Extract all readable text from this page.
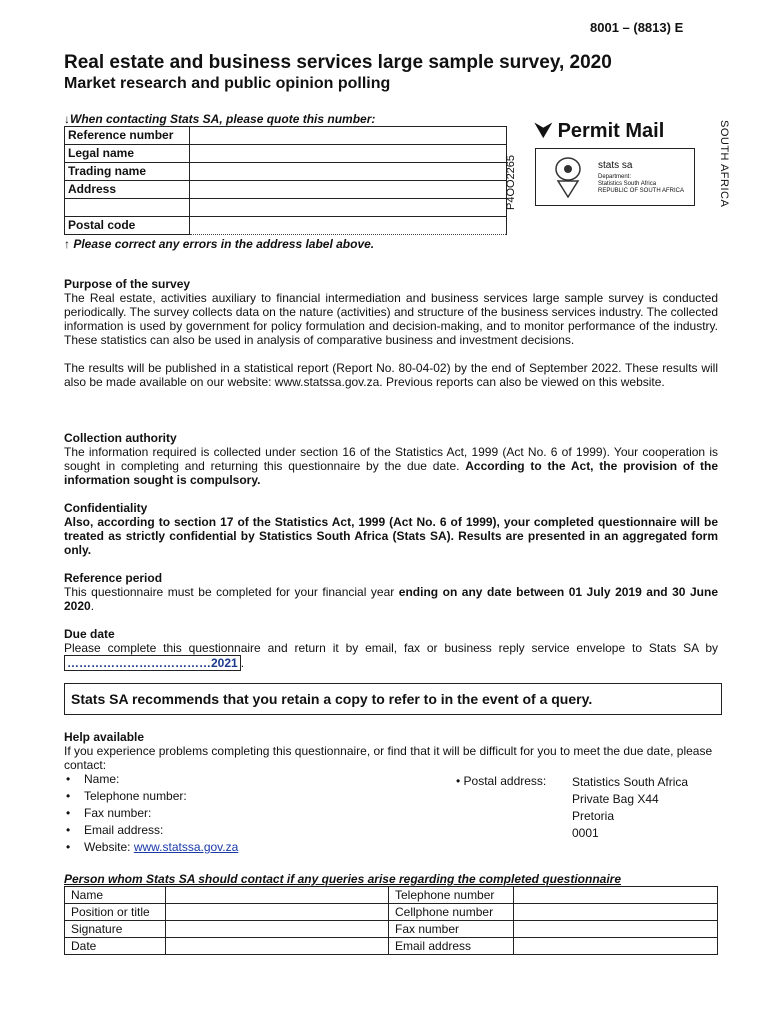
8001 – (8813) E
Real estate and business services large sample survey, 2020
Market research and public opinion polling
↓When contacting Stats SA, please quote this number:
Reference number	
Legal name	
Trading name	
Address	

Postal code	
↑ Please correct any errors in the address label above.
P4OO2265
⮟ Permit Mail
stats sa
Department:
Statistics South Africa
REPUBLIC OF SOUTH AFRICA	SOUTH AFRICA
Purpose of the survey
The Real estate, activities auxiliary to financial intermediation and business services large sample survey is conducted periodically. The survey collects data on the nature (activities) and structure of the business services industry. The collected information is used by government for policy formulation and decision-making, and to monitor performance of the industry. These statistics can also be used in analysis of comparative business and investment decisions.
The results will be published in a statistical report (Report No. 80-04-02) by the end of September 2022. These results will also be made available on our website: www.statssa.gov.za. Previous reports can also be viewed on this website.
Collection authority
The information required is collected under section 16 of the Statistics Act, 1999 (Act No. 6 of 1999). Your cooperation is sought in completing and returning this questionnaire by the due date. According to the Act, the provision of the information sought is compulsory.
Confidentiality
Also, according to section 17 of the Statistics Act, 1999 (Act No. 6 of 1999), your completed questionnaire will be treated as strictly confidential by Statistics South Africa (Stats SA). Results are presented in an aggregated form only.
Reference period
This questionnaire must be completed for your financial year ending on any date between 01 July 2019 and 30 June 2020.
Due date
Please complete this questionnaire and return it by email, fax or business reply service envelope to Stats SA by ………………………………2021 .
Stats SA recommends that you retain a copy to refer to in the event of a query.
Help available
If you experience problems completing this questionnaire, or find that it will be difficult for you to meet the due date, please contact:
• Name:
• Telephone number:
• Fax number:
• Email address:
• Website: www.statssa.gov.za
• Postal address: Statistics South Africa
Private Bag X44
Pretoria
0001
Person whom Stats SA should contact if any queries arise regarding the completed questionnaire
Name		Telephone number	
Position or title		Cellphone number	
Signature		Fax number	
Date		Email address	
